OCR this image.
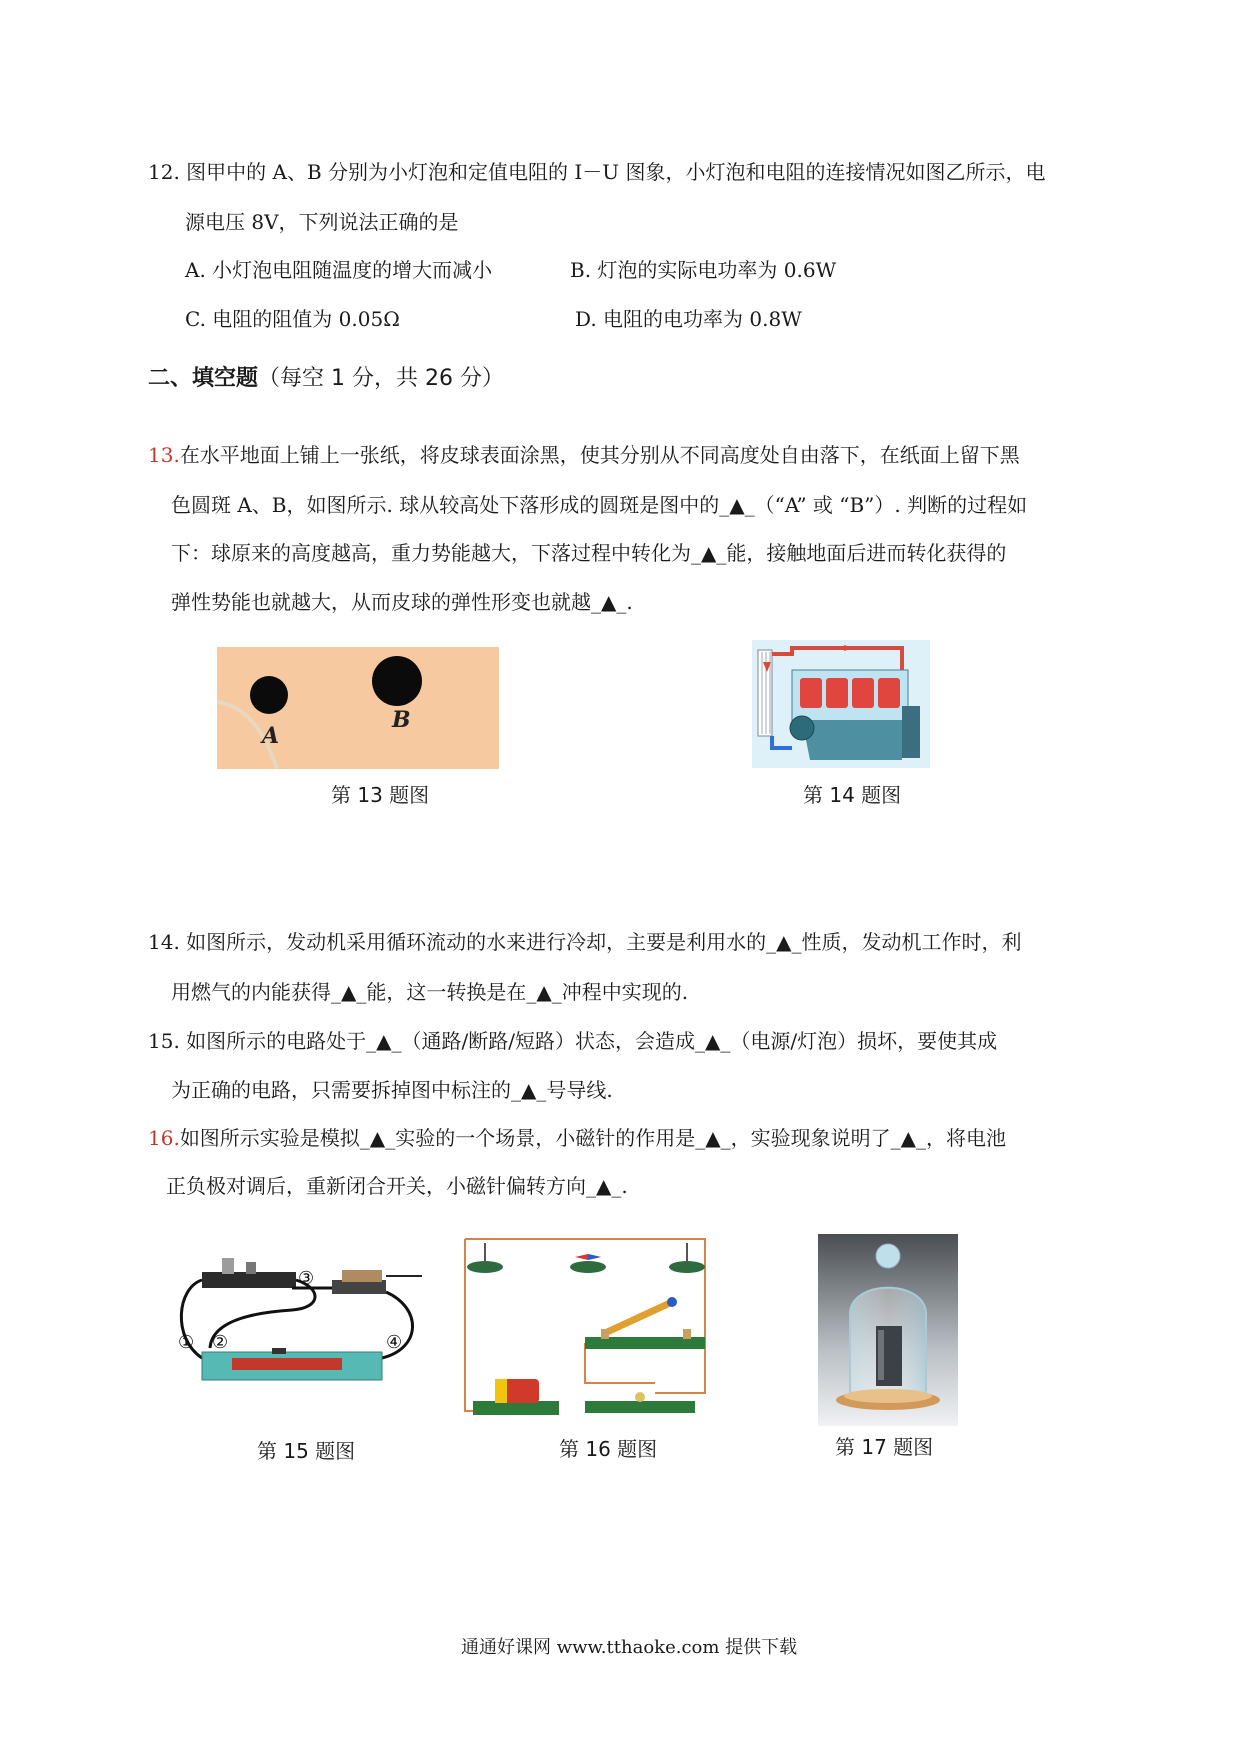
12. 图甲中的 A、B 分别为小灯泡和定值电阻的 I－U 图象，小灯泡和电阻的连接情况如图乙所示，电
源电压 8V，下列说法正确的是
A. 小灯泡电阻随温度的增大而减小	B. 灯泡的实际电功率为 0.6W
C. 电阻的阻值为 0.05Ω	D. 电阻的电功率为 0.8W
二、填空题（每空 1 分，共 26 分）
13.在水平地面上铺上一张纸，将皮球表面涂黑，使其分别从不同高度处自由落下，在纸面上留下黑
色圆斑 A、B，如图所示. 球从较高处下落形成的圆斑是图中的_▲_（“A” 或 “B”）. 判断的过程如
下：球原来的高度越高，重力势能越大，下落过程中转化为_▲_能，接触地面后进而转化获得的
弹性势能也就越大，从而皮球的弹性形变也就越_▲_.
A
B
第 13 题图	第 14 题图
14. 如图所示，发动机采用循环流动的水来进行冷却，主要是利用水的_▲_性质，发动机工作时，利
用燃气的内能获得_▲_能，这一转换是在_▲_冲程中实现的.
15. 如图所示的电路处于_▲_（通路/断路/短路）状态，会造成_▲_（电源/灯泡）损坏，要使其成
为正确的电路，只需要拆掉图中标注的_▲_号导线.
16.如图所示实验是模拟_▲_实验的一个场景，小磁针的作用是_▲_，实验现象说明了_▲_，将电池
正负极对调后，重新闭合开关，小磁针偏转方向_▲_.
① ②
③
④
第 15 题图	第 16 题图	第 17 题图
通通好课网 www.tthaoke.com 提供下载
